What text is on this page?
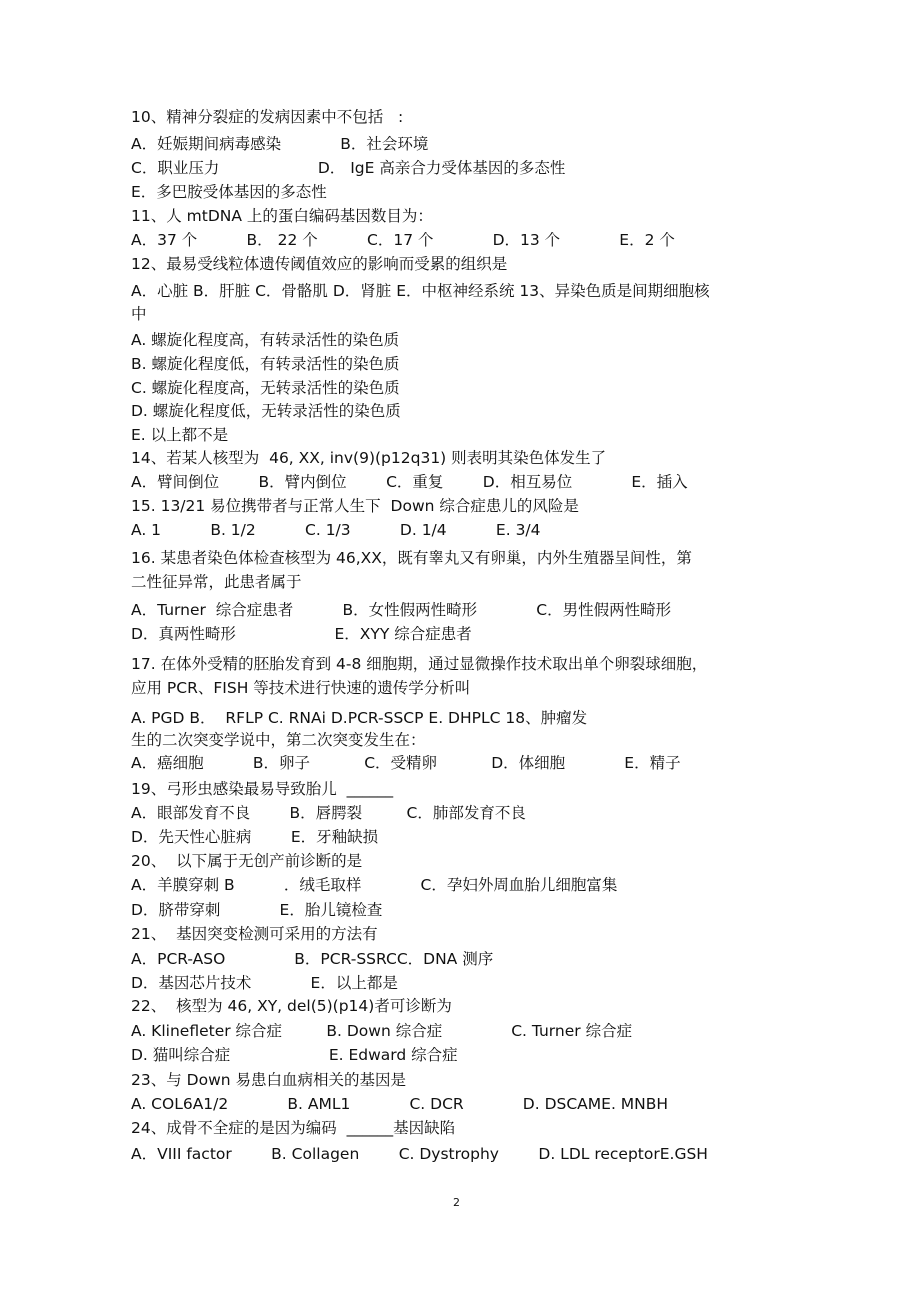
10、精神分裂症的发病因素中不包括   :
A．妊娠期间病毒感染            B．社会环境
C．职业压力                    D． IgE 高亲合力受体基因的多态性
E．多巴胺受体基因的多态性
11、人 mtDNA 上的蛋白编码基因数目为：
A．37 个          B． 22 个          C．17 个            D．13 个            E．2 个
12、最易受线粒体遗传阈值效应的影响而受累的组织是
A．心脏 B．肝脏 C．骨骼肌 D．肾脏 E．中枢神经系统 13、异染色质是间期细胞核
中
A. 螺旋化程度高，有转录活性的染色质
B. 螺旋化程度低，有转录活性的染色质
C. 螺旋化程度高，无转录活性的染色质
D. 螺旋化程度低，无转录活性的染色质
E. 以上都不是
14、若某人核型为  46, XX, inv(9)(p12q31) 则表明其染色体发生了
A．臂间倒位        B．臂内倒位        C．重复        D．相互易位            E．插入
15. 13/21 易位携带者与正常人生下  Down 综合症患儿的风险是
A. 1          B. 1/2          C. 1/3          D. 1/4          E. 3/4
16. 某患者染色体检查核型为 46,XX，既有睾丸又有卵巢，内外生殖器呈间性，第
二性征异常，此患者属于
A．Turner  综合症患者          B．女性假两性畸形            C．男性假两性畸形
D．真两性畸形                    E．XYY 综合症患者
17. 在体外受精的胚胎发育到 4-8 细胞期，通过显微操作技术取出单个卵裂球细胞，
应用 PCR、FISH 等技术进行快速的遗传学分析叫
A. PGD B．  RFLP C. RNAi D.PCR-SSCP E. DHPLC 18、肿瘤发
生的二次突变学说中，第二次突变发生在：
A．癌细胞          B．卵子           C．受精卵           D．体细胞            E．精子
19、弓形虫感染最易导致胎儿  ______
A．眼部发育不良        B．唇腭裂         C．肺部发育不良
D．先天性心脏病        E．牙釉缺损
20、  以下属于无创产前诊断的是
A．羊膜穿刺 B          ．绒毛取样            C．孕妇外周血胎儿细胞富集
D．脐带穿刺            E．胎儿镜检查
21、  基因突变检测可采用的方法有
A．PCR-ASO              B．PCR-SSRCC．DNA 测序
D．基因芯片技术            E．以上都是
22、  核型为 46, XY, del(5)(p14)者可诊断为
A. Klinefleter 综合症         B. Down 综合症              C. Turner 综合症
D. 猫叫综合症                    E. Edward 综合症
23、与 Down 易患白血病相关的基因是
A. COL6A1/2            B. AML1            C. DCR            D. DSCAME. MNBH
24、成骨不全症的是因为编码  ______基因缺陷
A．VIII factor        B. Collagen        C. Dystrophy        D. LDL receptorE.GSH
2
